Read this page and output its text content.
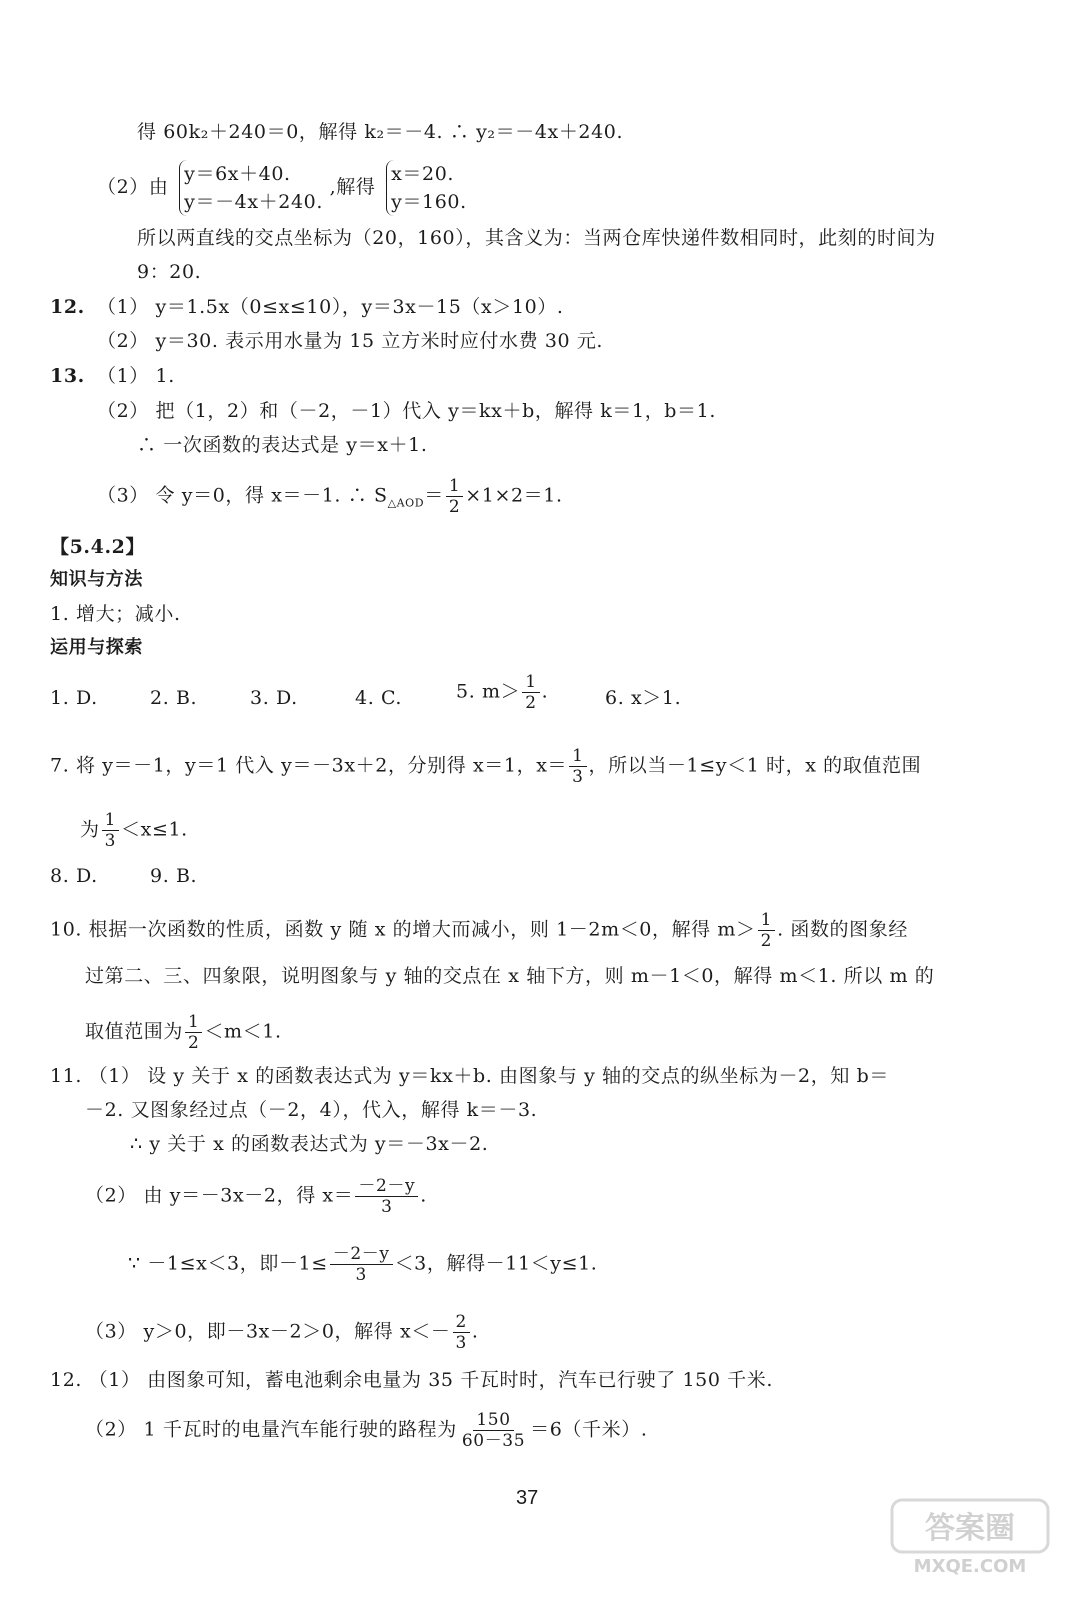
得 60k₂＋240＝0，解得 k₂＝－4. ∴ y₂＝－4x＋240.
（2）由
y＝6x＋40.
y＝－4x＋240.
,解得
x＝20.
y＝160.
所以两直线的交点坐标为（20，160），其含义为：当两仓库快递件数相同时，此刻的时间为
9：20.
12. （1） y＝1.5x（0≤x≤10），y＝3x－15（x＞10）.
（2） y＝30. 表示用水量为 15 立方米时应付水费 30 元.
13. （1） 1.
（2） 把（1，2）和（－2，－1）代入 y＝kx＋b，解得 k＝1，b＝1.
∴ 一次函数的表达式是 y＝x＋1.
（3） 令 y＝0，得 x＝－1. ∴ $S_{\triangle AOD}= \frac{1}{2} \times 1\times 2=1$.
【5.4.2】
知识与方法
1. 增大；减小.
运用与探索
1. D.	2. B.	3. D.	4. C.	5. $m> \frac{1}{2}$ .	6. x＞1.
7. 将 y＝－1，y＝1 代入 y＝－3x＋2，分别得 x＝1，$x= \frac{1}{3}$ ，所以当－1≤y＜1 时，x 的取值范围
为 $\frac{1}{3} <x\le 1$.
8. D.	9. B.
10. 根据一次函数的性质，函数 y 随 x 的增大而减小，则 1－2m＜0，解得 $m> \frac{1}{2}$ . 函数的图象经
过第二、三、四象限，说明图象与 y 轴的交点在 x 轴下方，则 m－1＜0，解得 m＜1. 所以 m 的
取值范围为 $\frac{1}{2} <m<1$.
11. （1） 设 y 关于 x 的函数表达式为 y＝kx＋b. 由图象与 y 轴的交点的纵坐标为－2，知 b＝
－2. 又图象经过点（－2，4），代入，解得 k＝－3.
∴ y 关于 x 的函数表达式为 y＝－3x－2.
（2） 由 y＝－3x－2，得 $x= \frac{-2-y}{3}$ .
∵ －1≤x＜3，即$-1\le \frac{-2-y}{3} <3$，解得－11＜y≤1.
（3） y＞0，即－3x－2＞0，解得 $x<- \frac{2}{3}$ .
12. （1） 由图象可知，蓄电池剩余电量为 35 千瓦时时，汽车已行驶了 150 千米.
（2） 1 千瓦时的电量汽车能行驶的路程为 $\frac{150}{60-35} =6$（千米）.
37
答案圈
MXQE.COM
